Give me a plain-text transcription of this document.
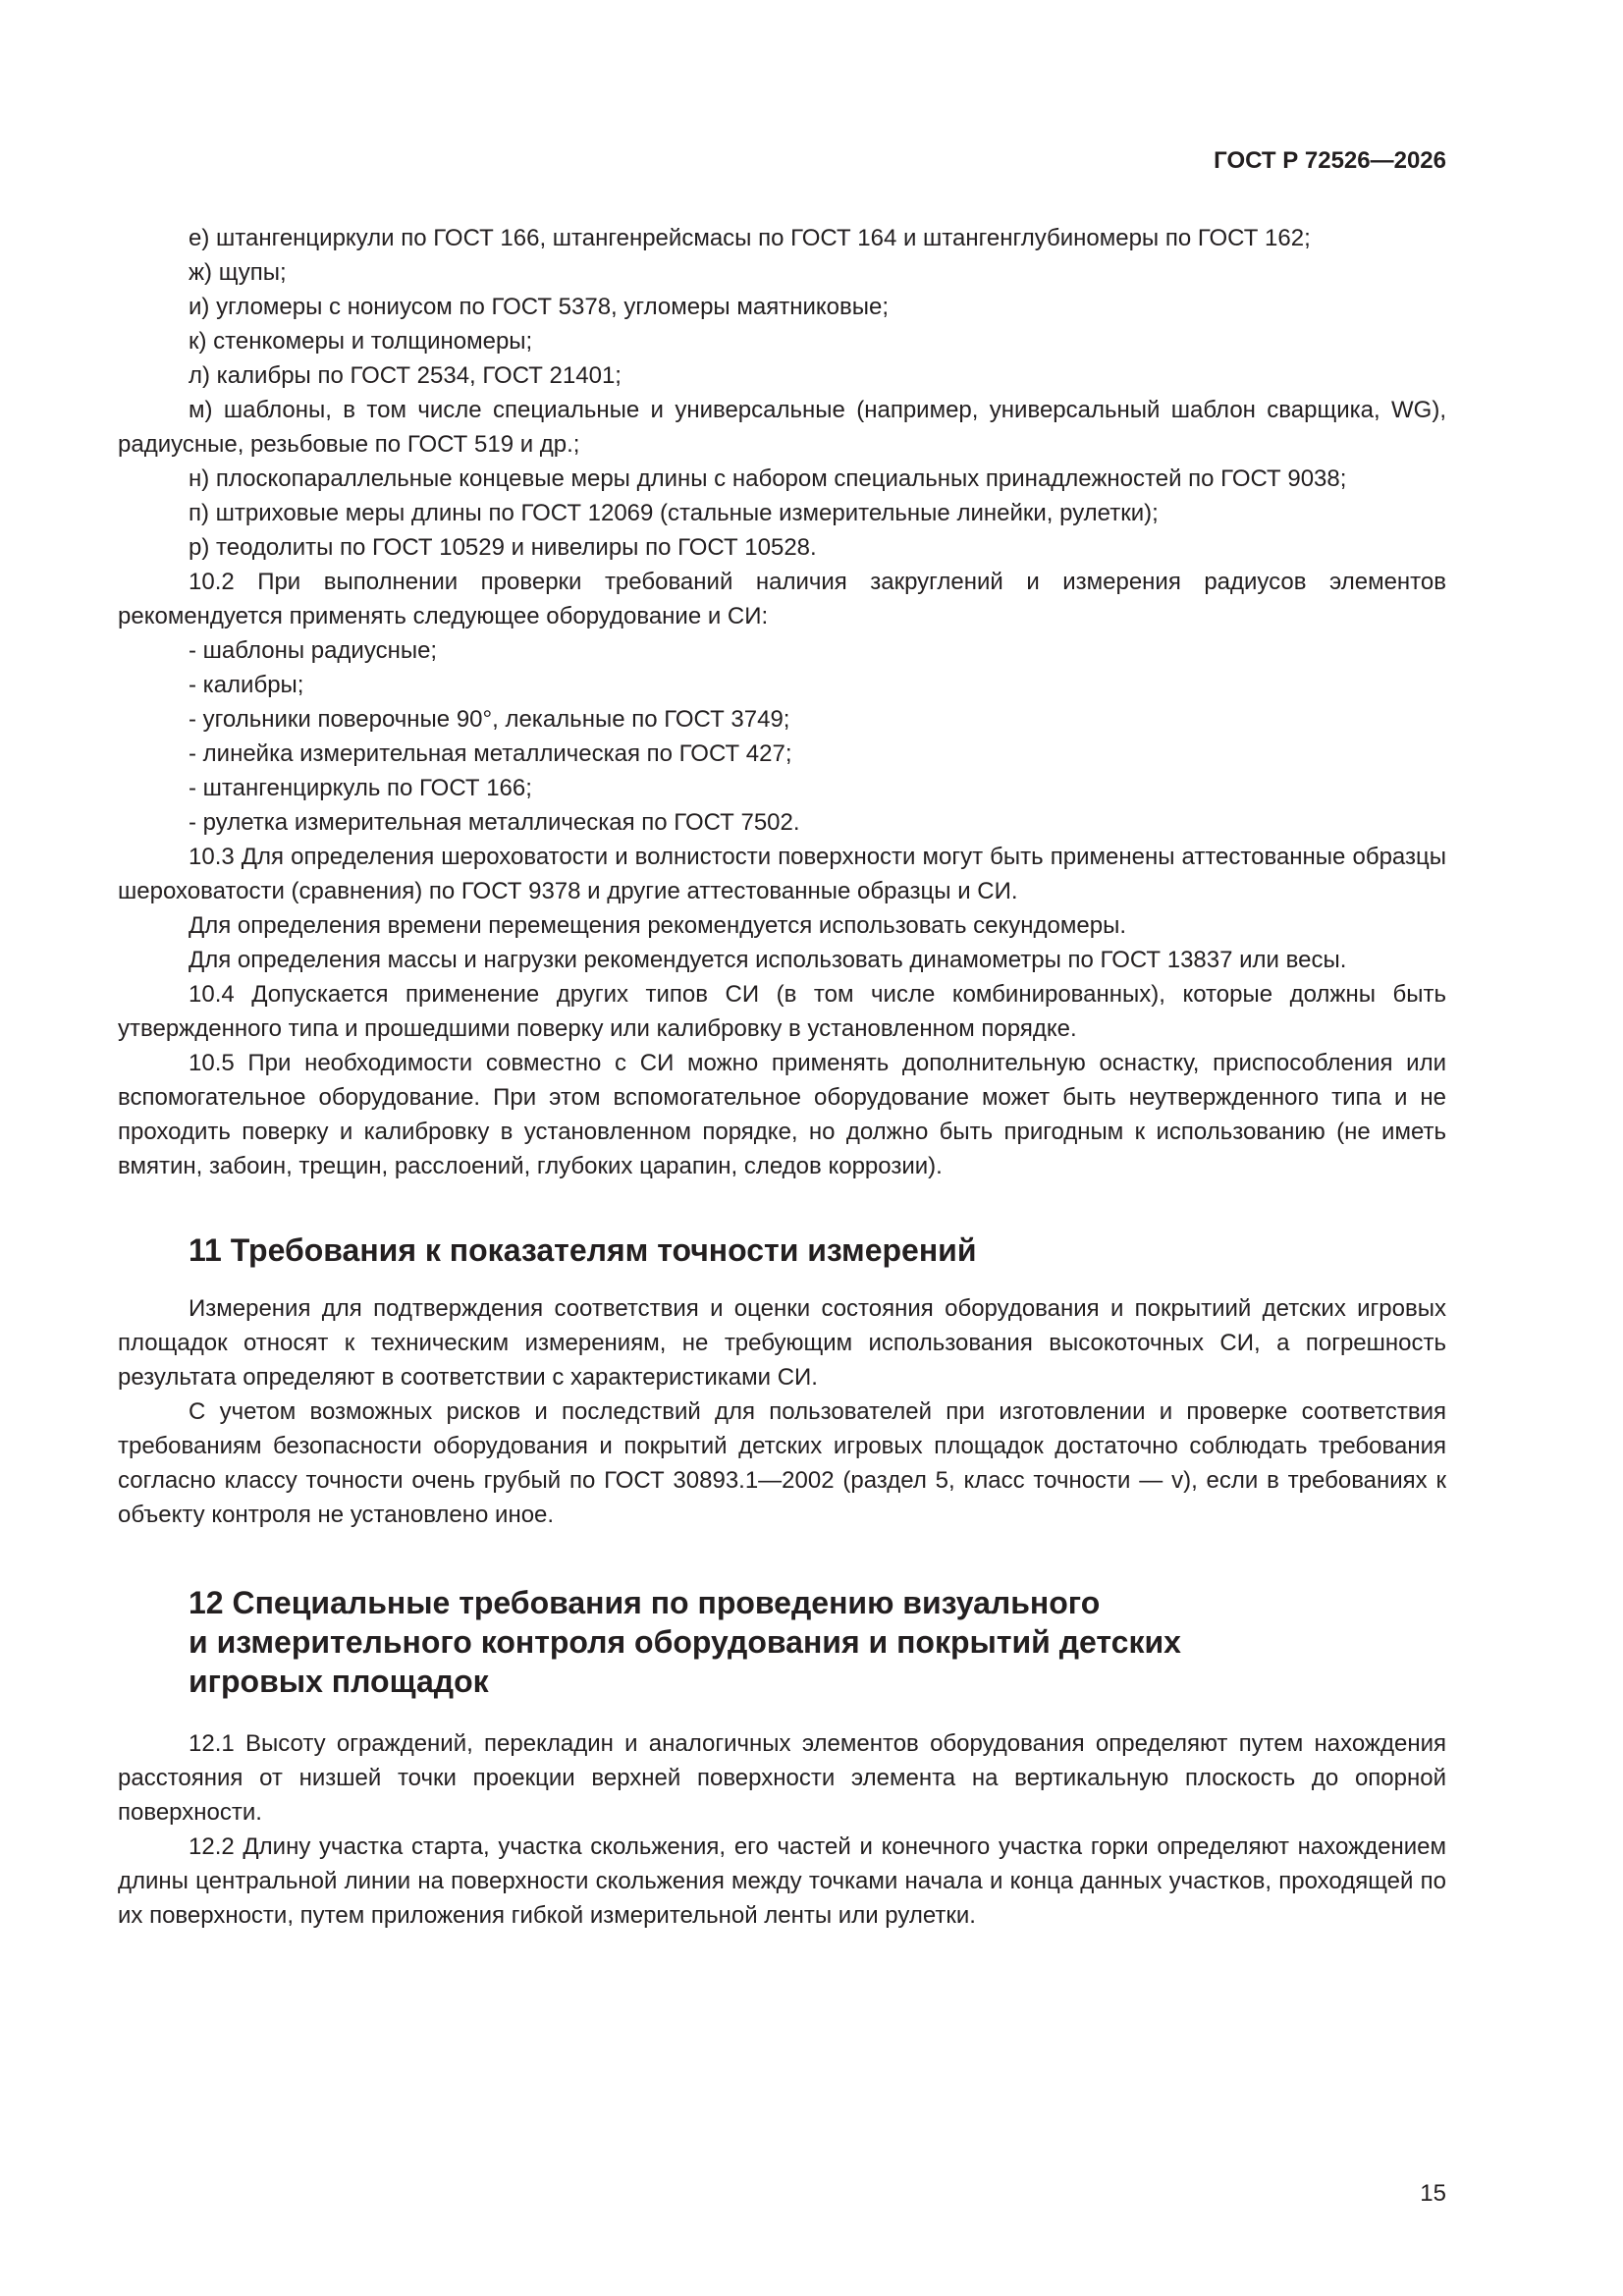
ГОСТ Р 72526—2026

е) штангенциркули по ГОСТ 166, штангенрейсмасы по ГОСТ 164 и штангенглубиномеры по ГОСТ 162;

ж) щупы;

и) угломеры с нониусом по ГОСТ 5378, угломеры маятниковые;

к) стенкомеры и толщиномеры;

л) калибры по ГОСТ 2534, ГОСТ 21401;

м) шаблоны, в том числе специальные и универсальные (например, универсальный шаблон сварщика, WG), радиусные, резьбовые по ГОСТ 519 и др.;

н) плоскопараллельные концевые меры длины с набором специальных принадлежностей по ГОСТ 9038;

п) штриховые меры длины по ГОСТ 12069 (стальные измерительные линейки, рулетки);

р) теодолиты по ГОСТ 10529 и нивелиры по ГОСТ 10528.

10.2 При выполнении проверки требований наличия закруглений и измерения радиусов элементов рекомендуется применять следующее оборудование и СИ:

- шаблоны радиусные;

- калибры;

- угольники поверочные 90°, лекальные по ГОСТ 3749;

- линейка измерительная металлическая по ГОСТ 427;

- штангенциркуль по ГОСТ 166;

- рулетка измерительная металлическая по ГОСТ 7502.

10.3 Для определения шероховатости и волнистости поверхности могут быть применены аттестованные образцы шероховатости (сравнения) по ГОСТ 9378 и другие аттестованные образцы и СИ.

Для определения времени перемещения рекомендуется использовать секундомеры.

Для определения массы и нагрузки рекомендуется использовать динамометры по ГОСТ 13837 или весы.

10.4 Допускается применение других типов СИ (в том числе комбинированных), которые должны быть утвержденного типа и прошедшими поверку или калибровку в установленном порядке.

10.5 При необходимости совместно с СИ можно применять дополнительную оснастку, приспособления или вспомогательное оборудование. При этом вспомогательное оборудование может быть неутвержденного типа и не проходить поверку и калибровку в установленном порядке, но должно быть пригодным к использованию (не иметь вмятин, забоин, трещин, расслоений, глубоких царапин, следов коррозии).

11 Требования к показателям точности измерений

Измерения для подтверждения соответствия и оценки состояния оборудования и покрытиий детских игровых площадок относят к техническим измерениям, не требующим использования высокоточных СИ, а погрешность результата определяют в соответствии с характеристиками СИ.

С учетом возможных рисков и последствий для пользователей при изготовлении и проверке соответствия требованиям безопасности оборудования и покрытий детских игровых площадок достаточно соблюдать требования согласно классу точности очень грубый по ГОСТ 30893.1—2002 (раздел 5, класс точности — v), если в требованиях к объекту контроля не установлено иное.

12 Специальные требования по проведению визуального
и измерительного контроля оборудования и покрытий детских
игровых площадок

12.1 Высоту ограждений, перекладин и аналогичных элементов оборудования определяют путем нахождения расстояния от низшей точки проекции верхней поверхности элемента на вертикальную плоскость до опорной поверхности.

12.2 Длину участка старта, участка скольжения, его частей и конечного участка горки определяют нахождением длины центральной линии на поверхности скольжения между точками начала и конца данных участков, проходящей по их поверхности, путем приложения гибкой измерительной ленты или рулетки.

15
